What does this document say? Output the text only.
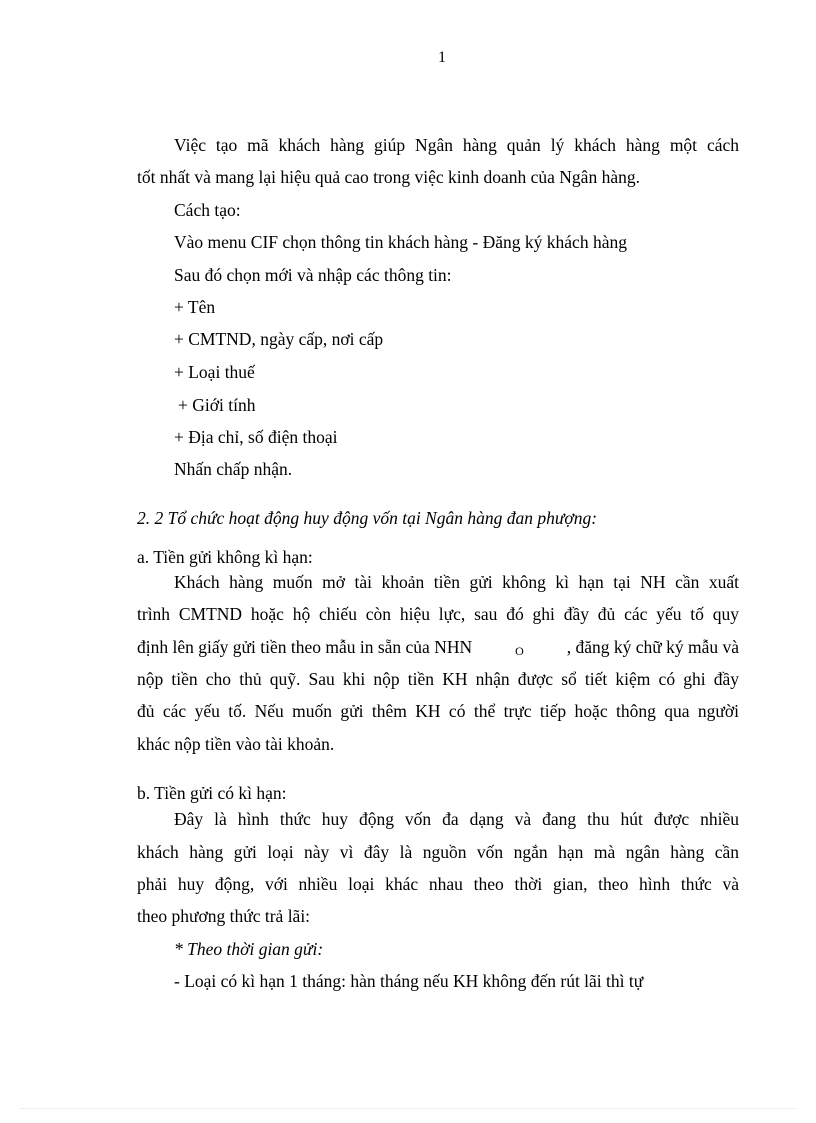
1
Việc tạo mã khách hàng giúp Ngân hàng quản lý khách hàng một cách
tốt nhất và mang lại hiệu quả cao trong việc kinh doanh của Ngân hàng.
Cách tạo:
Vào menu CIF chọn thông tin khách hàng - Đăng ký khách hàng
Sau đó chọn mới và nhập các thông tin:
+ Tên
+ CMTND, ngày cấp, nơi cấp
+ Loại thuế
+ Giới tính
+ Địa chỉ, số điện thoại
Nhấn chấp nhận.
2. 2 Tổ chức hoạt động huy động vốn tại Ngân hàng đan phượng:
a. Tiền gửi không kì hạn:
Khách hàng muốn mở tài khoản tiền gửi không kì hạn tại NH cần xuất
trình CMTND hoặc hộ chiếu còn hiệu lực, sau đó ghi đầy đủ các yếu tố quy
định lên giấy gửi tiền theo mẫu in sẵn của NHN	O , đăng ký chữ ký mẫu và
nộp tiền cho thủ quỹ. Sau khi nộp tiền KH nhận được sổ tiết kiệm có ghi đầy
đủ các yếu tố. Nếu muốn gửi thêm KH có thể trực tiếp hoặc thông qua người
khác nộp tiền vào tài khoản.
b. Tiền gửi có kì hạn:
Đây là hình thức huy động vốn đa dạng và đang thu hút được nhiều
khách hàng gửi loại này vì đây là nguồn vốn ngắn hạn mà ngân hàng cần
phải huy động, với nhiều loại khác nhau theo thời gian, theo hình thức và
theo phương thức trả lãi:
* Theo thời gian gửi:
- Loại có kì hạn 1 tháng: hàn tháng nếu KH không đến rút lãi thì tự
